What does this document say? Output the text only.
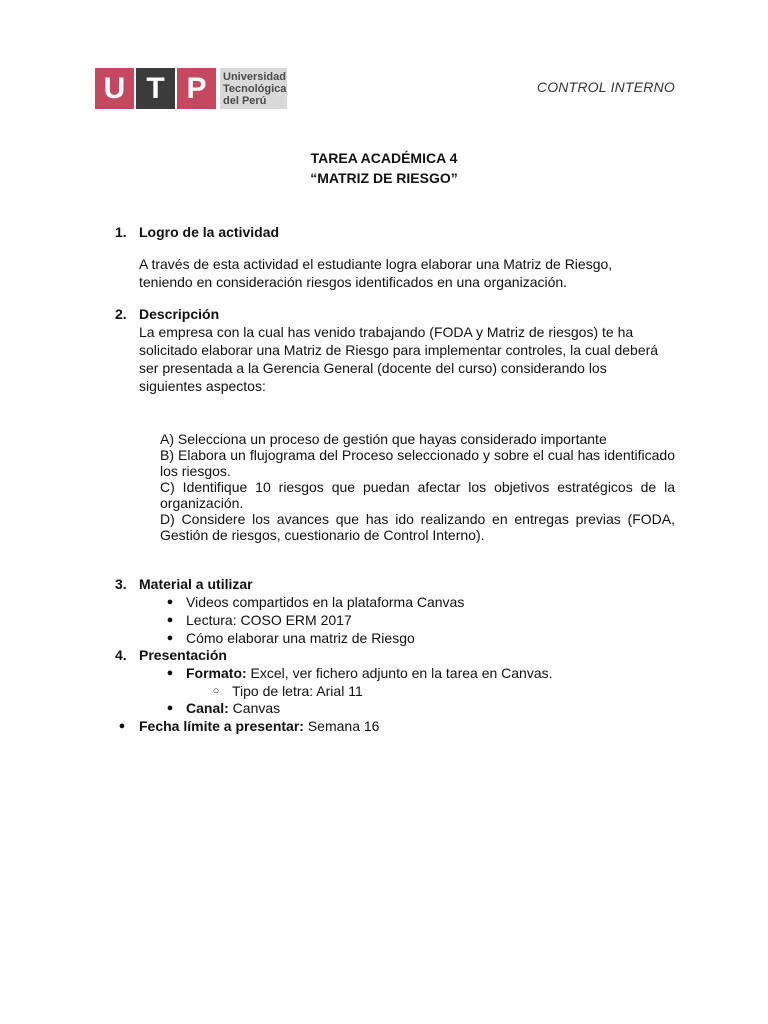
U T P	Universidad
Tecnológica
del Perú
CONTROL INTERNO
TAREA ACADÉMICA 4
“MATRIZ DE RIESGO”
1. Logro de la actividad
A través de esta actividad el estudiante logra elaborar una Matriz de Riesgo,
teniendo en consideración riesgos identificados en una organización.
2. Descripción
La empresa con la cual has venido trabajando (FODA y Matriz de riesgos) te ha
solicitado elaborar una Matriz de Riesgo para implementar controles, la cual deberá
ser presentada a la Gerencia General (docente del curso) considerando los
siguientes aspectos:
A) Selecciona un proceso de gestión que hayas considerado importante
B) Elabora un flujograma del Proceso seleccionado y sobre el cual has identificado los riesgos.
C) Identifique 10 riesgos que puedan afectar los objetivos estratégicos de la organización.
D) Considere los avances que has ido realizando en entregas previas (FODA, Gestión de riesgos, cuestionario de Control Interno).
3. Material a utilizar
● Videos compartidos en la plataforma Canvas
● Lectura: COSO ERM 2017
● Cómo elaborar una matriz de Riesgo
4. Presentación
● Formato: Excel, ver fichero adjunto en la tarea en Canvas.
○ Tipo de letra: Arial 11
● Canal: Canvas
● Fecha límite a presentar: Semana 16
